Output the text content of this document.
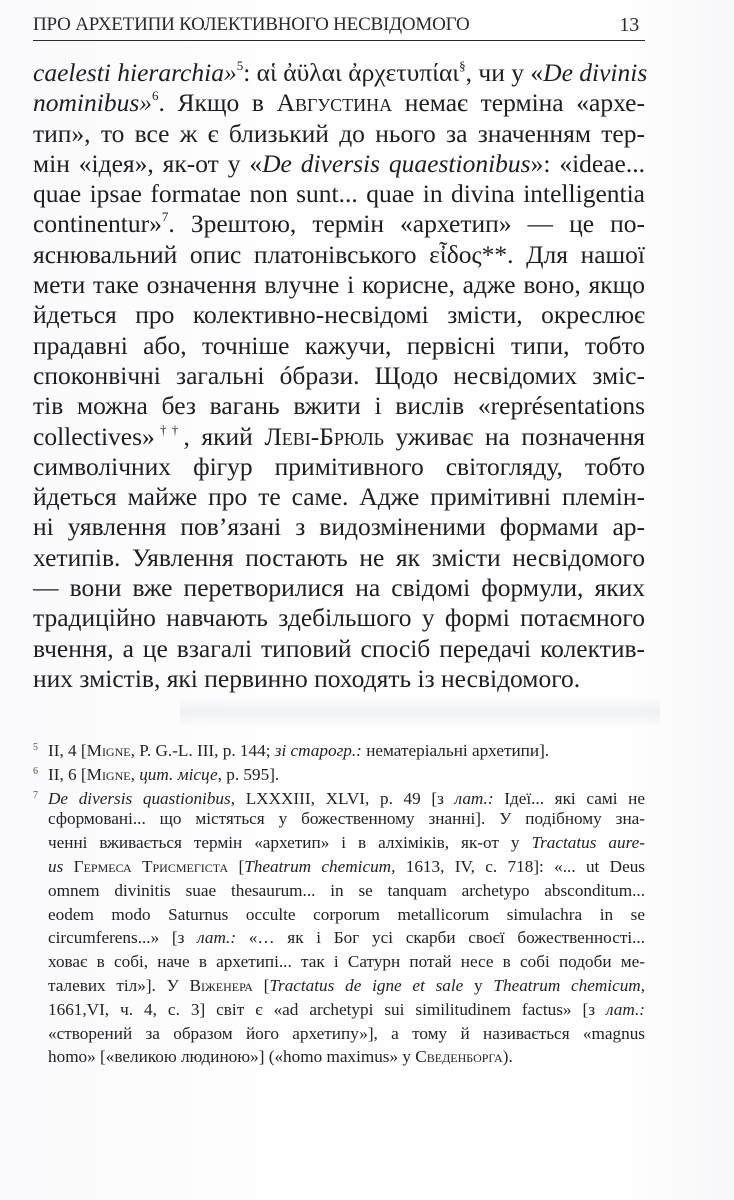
ПРО АРХЕТИПИ КОЛЕКТИВНОГО НЕСВІДОМОГО	13
caelesti hierarchia»$^5$: αἱ ἀϋλαι ἀρχετυπίαι§, чи у «De divinis
nominibus»$^6$. Якщо в Августина немає терміна «архе-
тип», то все ж є близький до нього за значенням тер-
мін «ідея», як-от у «De diversis quaestionibus»: «ideae...
quae ipsae formatae non sunt... quae in divina intelligentia
continentur»$^7$. Зрештою, термін «архетип» — це по-
яснювальний опис платонівського εἶδος**. Для нашої
мети таке означення влучне і корисне, адже воно, якщо
йдеться про колективно-несвідомі змісти, окреслює
прадавні або, точніше кажучи, первісні типи, тобто
споконвічні загальні óбрази. Щодо несвідомих зміс-
тів можна без вагань вжити і вислів «représentations
collectives»††, який Леві-Брюль уживає на позначення
символічних фігур примітивного світогляду, тобто
йдеться майже про те саме. Адже примітивні племін-
ні уявлення пов’язані з видозміненими формами ар-
хетипів. Уявлення постають не як змісти несвідомого
— вони вже перетворилися на свідомі формули, яких
традиційно навчають здебільшого у формі потаємного
вчення, а це взагалі типовий спосіб передачі колектив-
них змістів, які первинно походять із несвідомого.
5 II, 4 [Migne, P. G.-L. III, p. 144; зі старогр.: нематеріальні архетипи].
6 II, 6 [Migne, цит. місце, p. 595].
7 De diversis quastionibus, LXXXIII, XLVI, p. 49 [з лат.: Ідеї... які самі не
сформовані... що містяться у божественному знанні]. У подібному зна-
ченні вживається термін «архетип» і в алхіміків, як-от у Tractatus aure-
us Гермеса Трисмегіста [Theatrum chemicum, 1613, IV, c. 718]: «... ut Deus
omnem divinitis suae thesaurum... in se tanquam archetypo absconditum...
eodem modo Saturnus occulte corporum metallicorum simulachra in se
circumferens...» [з лат.: «… як і Бог усі скарби своєї божественності...
ховає в собі, наче в архетипі... так і Сатурн потай несе в собі подоби ме-
талевих тіл»]. У Віженера [Tractatus de igne et sale у Theatrum chemicum,
1661,VI, ч. 4, c. 3] світ є «ad archetypi sui similitudinem factus» [з лат.:
«створений за образом його архетипу»], а тому й називається «magnus
homo» [«великою людиною»] («homo maximus» у Сведенборга).
